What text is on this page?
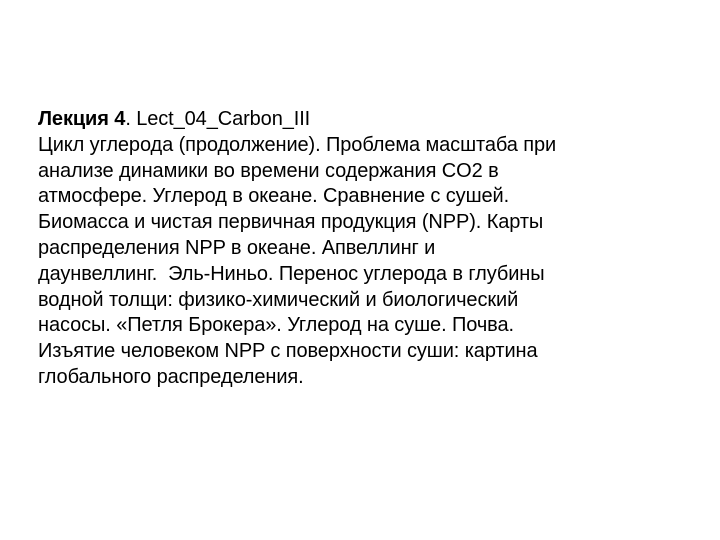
Лекция 4. Lect_04_Carbon_III
Цикл углерода (продолжение). Проблема масштаба при
анализе динамики во времени содержания CO2 в
атмосфере. Углерод в океане. Сравнение с сушей.
Биомасса и чистая первичная продукция (NPP). Карты
распределения NPP в океане. Апвеллинг и
даунвеллинг.  Эль-Ниньо. Перенос углерода в глубины
водной толщи: физико-химический и биологический
насосы. «Петля Брокера». Углерод на суше. Почва.
Изъятие человеком NPP с поверхности суши: картина
глобального распределения.
